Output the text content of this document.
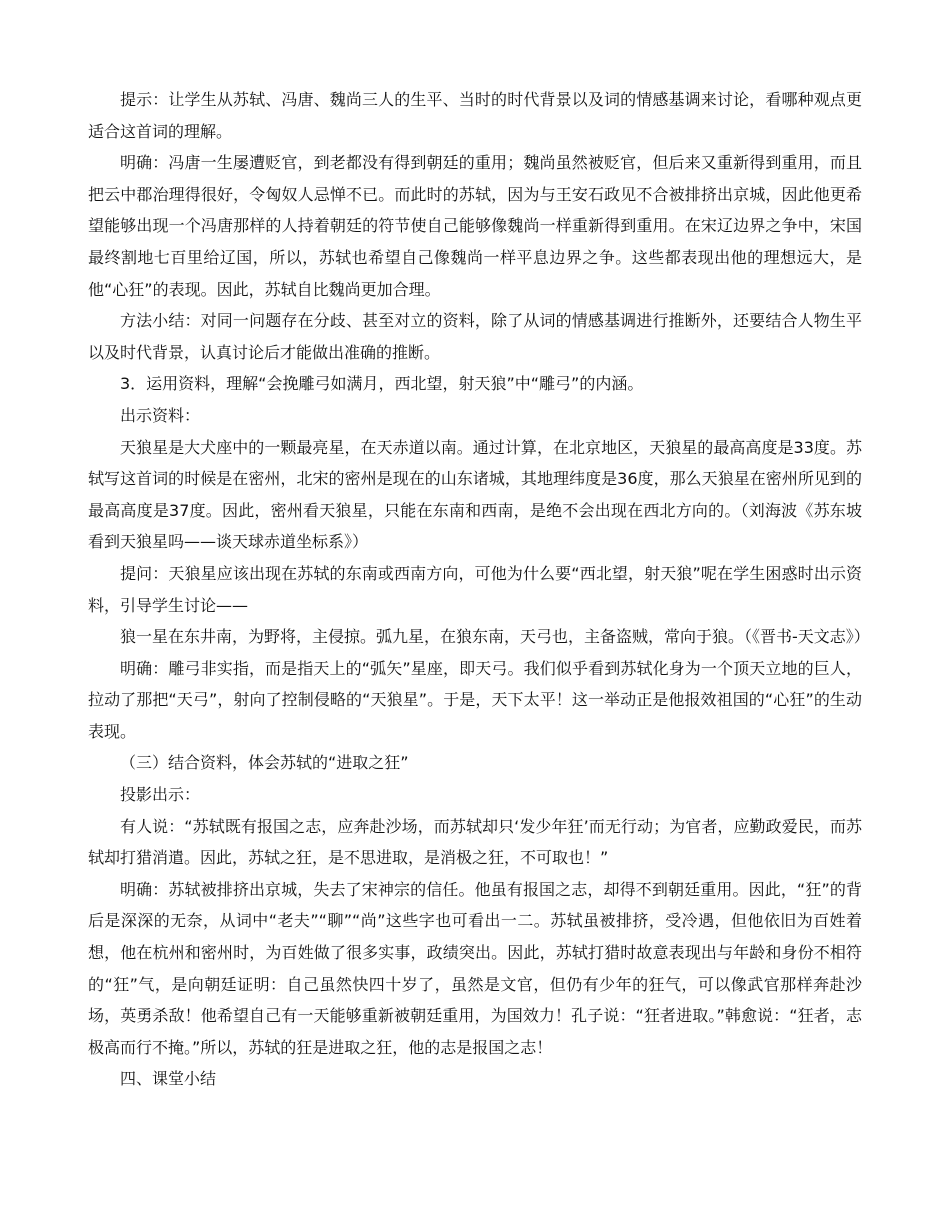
提示：让学生从苏轼、冯唐、魏尚三人的生平、当时的时代背景以及词的情感基调来讨论，看哪种观点更适合这首词的理解。

明确：冯唐一生屡遭贬官，到老都没有得到朝廷的重用；魏尚虽然被贬官，但后来又重新得到重用，而且把云中郡治理得很好，令匈奴人忌惮不已。而此时的苏轼，因为与王安石政见不合被排挤出京城，因此他更希望能够出现一个冯唐那样的人持着朝廷的符节使自己能够像魏尚一样重新得到重用。在宋辽边界之争中，宋国最终割地七百里给辽国，所以，苏轼也希望自己像魏尚一样平息边界之争。这些都表现出他的理想远大，是他“心狂”的表现。因此，苏轼自比魏尚更加合理。

方法小结：对同一问题存在分歧、甚至对立的资料，除了从词的情感基调进行推断外，还要结合人物生平以及时代背景，认真讨论后才能做出准确的推断。

3．运用资料，理解“会挽雕弓如满月，西北望，射天狼”中“雕弓”的内涵。

出示资料：

天狼星是大犬座中的一颗最亮星，在天赤道以南。通过计算，在北京地区，天狼星的最高高度是33度。苏轼写这首词的时候是在密州，北宋的密州是现在的山东诸城，其地理纬度是36度，那么天狼星在密州所见到的最高高度是37度。因此，密州看天狼星，只能在东南和西南，是绝不会出现在西北方向的。（刘海波《苏东坡看到天狼星吗——谈天球赤道坐标系》）

提问：天狼星应该出现在苏轼的东南或西南方向，可他为什么要“西北望，射天狼”呢在学生困惑时出示资料，引导学生讨论——

狼一星在东井南，为野将，主侵掠。弧九星，在狼东南，天弓也，主备盗贼，常向于狼。（《晋书-天文志》）

明确：雕弓非实指，而是指天上的“弧矢”星座，即天弓。我们似乎看到苏轼化身为一个顶天立地的巨人，拉动了那把“天弓”，射向了控制侵略的“天狼星”。于是，天下太平！这一举动正是他报效祖国的“心狂”的生动表现。

（三）结合资料，体会苏轼的“进取之狂”

投影出示：

有人说：“苏轼既有报国之志，应奔赴沙场，而苏轼却只‘发少年狂’而无行动；为官者，应勤政爱民，而苏轼却打猎消遣。因此，苏轼之狂，是不思进取，是消极之狂，不可取也！”

明确：苏轼被排挤出京城，失去了宋神宗的信任。他虽有报国之志，却得不到朝廷重用。因此，“狂”的背后是深深的无奈，从词中“老夫”“聊”“尚”这些字也可看出一二。苏轼虽被排挤，受冷遇，但他依旧为百姓着想，他在杭州和密州时，为百姓做了很多实事，政绩突出。因此，苏轼打猎时故意表现出与年龄和身份不相符的“狂”气，是向朝廷证明：自己虽然快四十岁了，虽然是文官，但仍有少年的狂气，可以像武官那样奔赴沙场，英勇杀敌！他希望自己有一天能够重新被朝廷重用，为国效力！孔子说：“狂者进取。”韩愈说：“狂者，志极高而行不掩。”所以，苏轼的狂是进取之狂，他的志是报国之志！

四、课堂小结
